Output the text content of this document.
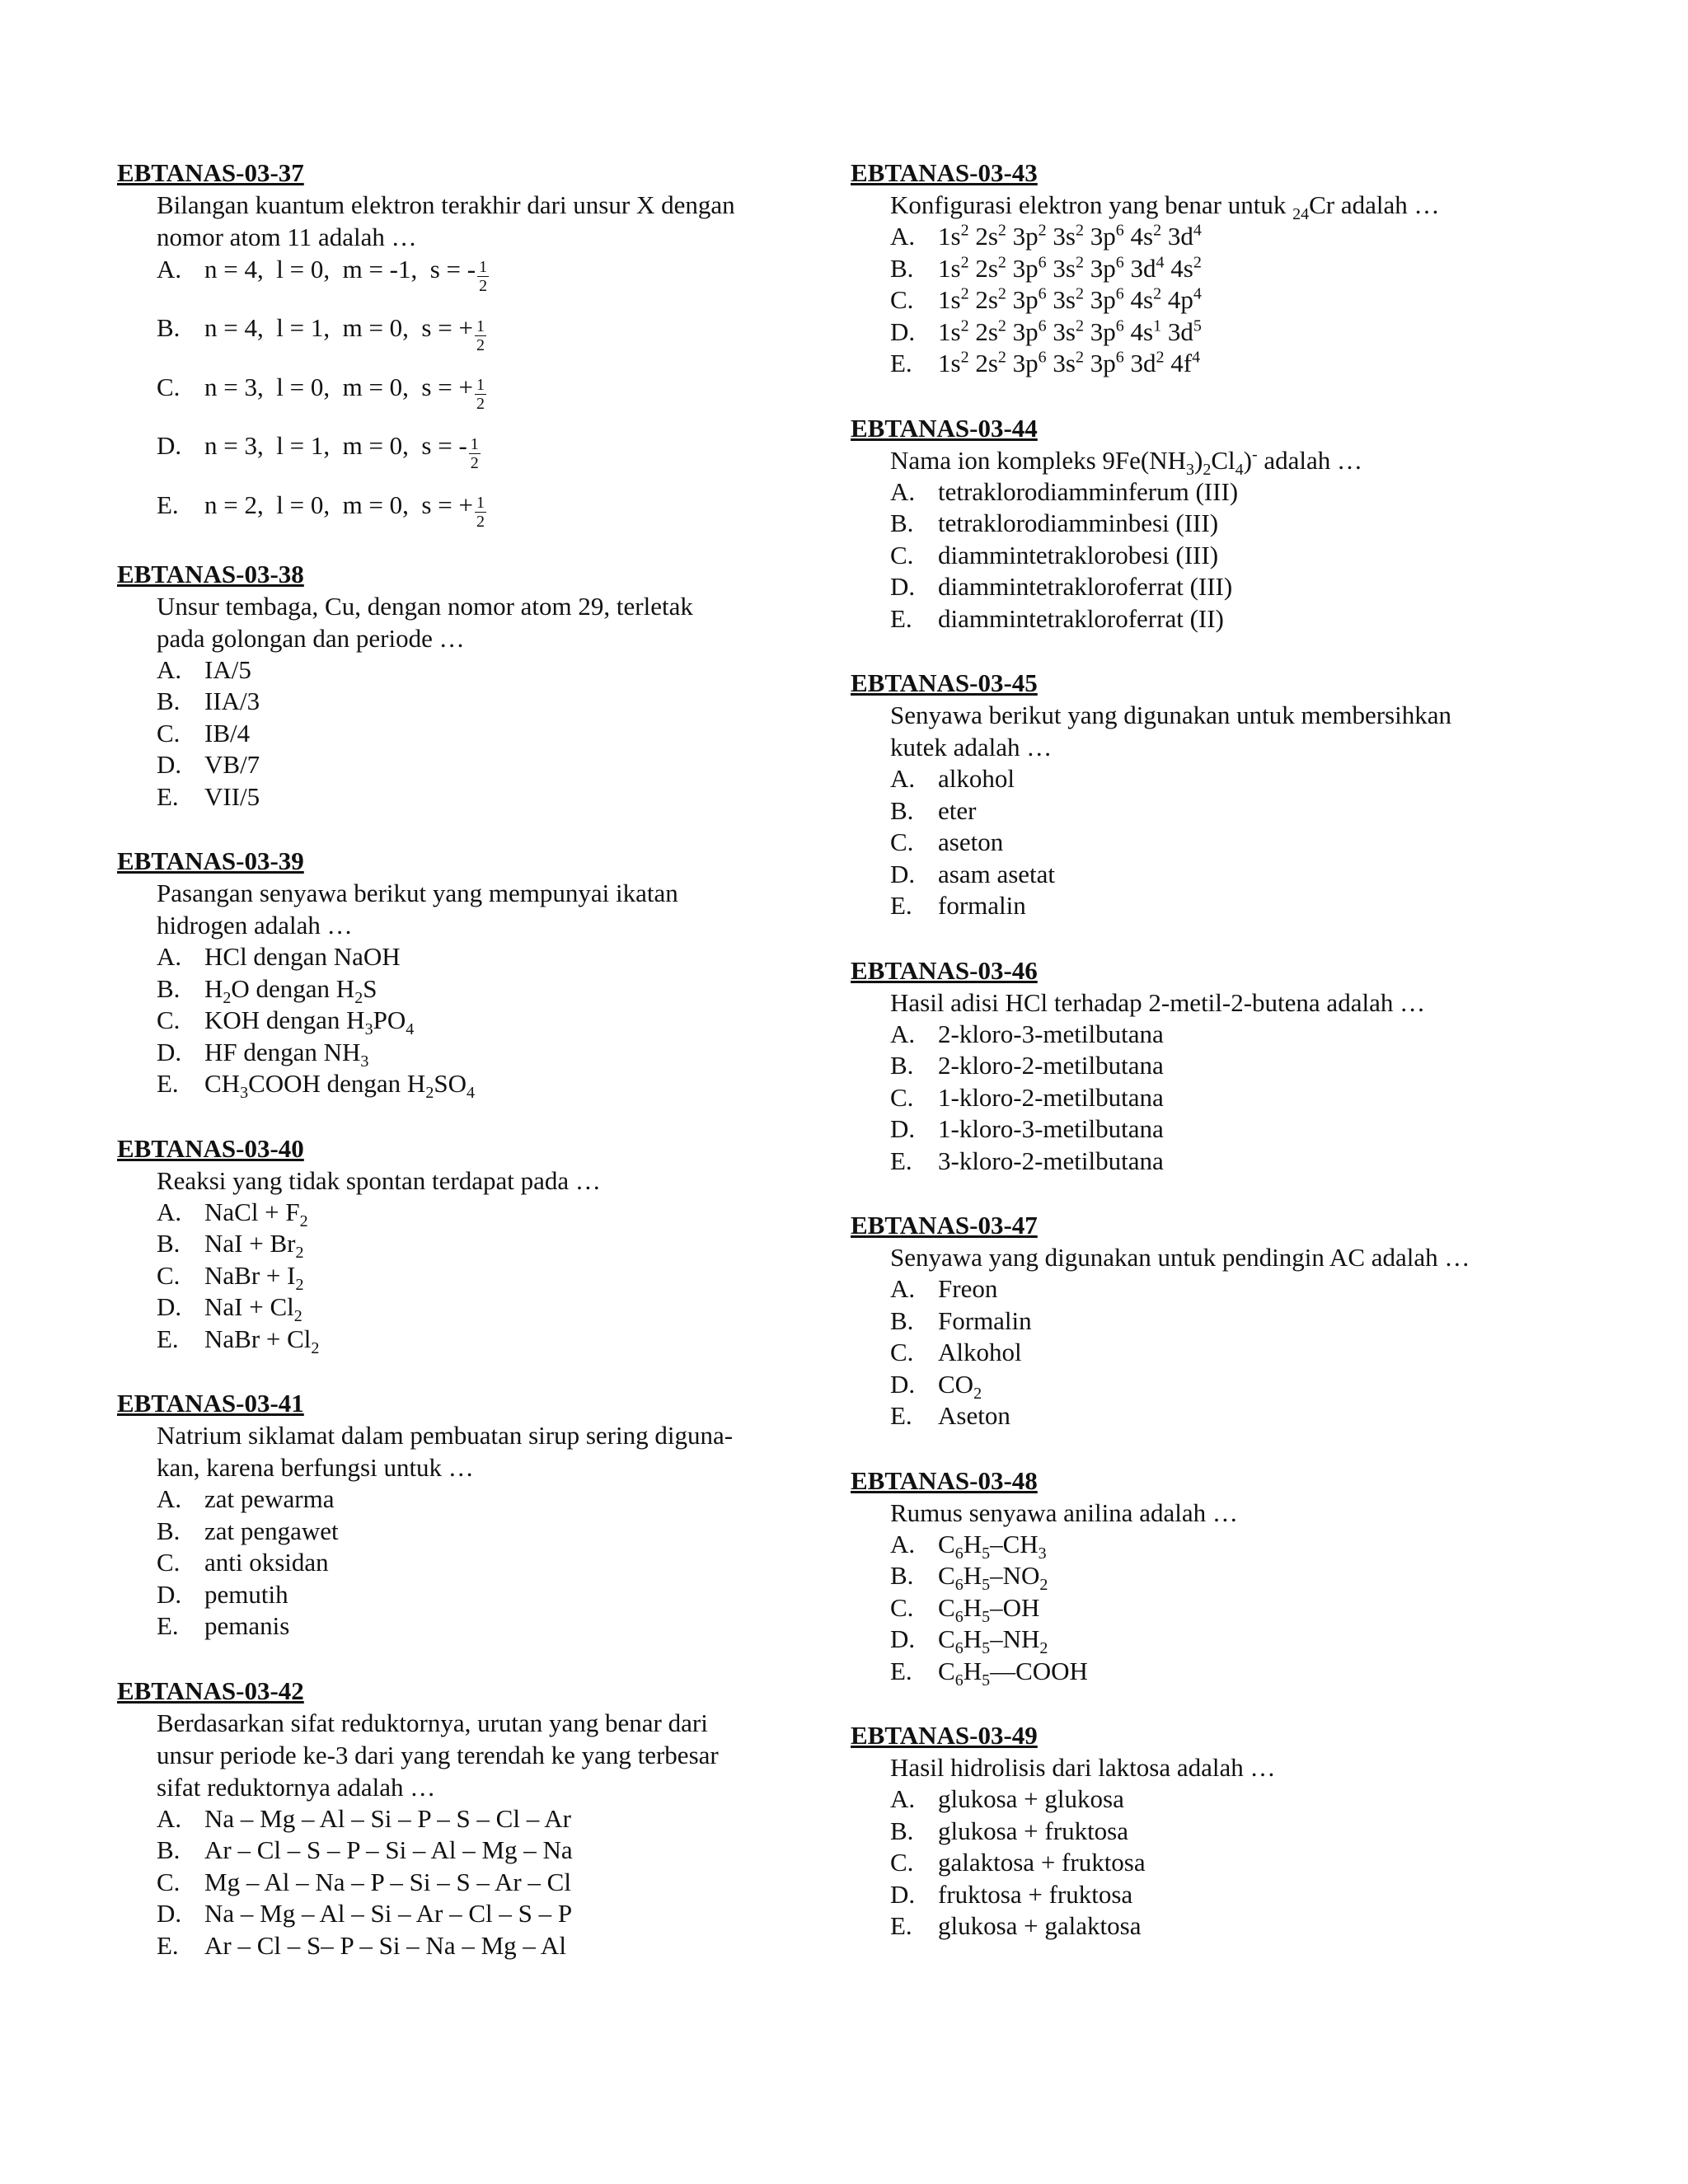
EBTANAS-03-37
Bilangan kuantum elektron terakhir dari unsur X dengan
nomor atom 11 adalah …
A. n = 4,  l = 0,  m = -1,  s = - $\frac{1}{2}$
B. n = 4,  l = 1,  m = 0,  s = + $\frac{1}{2}$
C. n = 3,  l = 0,  m = 0,  s = + $\frac{1}{2}$
D. n = 3,  l = 1,  m = 0,  s = - $\frac{1}{2}$
E.	n = 2,  l = 0,  m = 0,  s = + $\frac{1}{2}$
EBTANAS-03-38
Unsur tembaga, Cu, dengan nomor atom 29, terletak
pada golongan dan periode …
A. IA/5
B. IIA/3
C. IB/4
D. VB/7
E.	VII/5
EBTANAS-03-39
Pasangan senyawa berikut yang mempunyai ikatan
hidrogen adalah …
A. HCl dengan NaOH
B. $H_2O$ dengan $H_2S$
C. KOH dengan $H_3PO_4$
D. HF dengan $NH_3$
E.	$CH_3COOH$ dengan $H_2SO_4$
EBTANAS-03-40
Reaksi yang tidak spontan terdapat pada …
A. NaCl + $F_2$
B. NaI + $Br_2$
C. NaBr + $I_2$
D. NaI + $Cl_2$
E.	NaBr + $Cl_2$
EBTANAS-03-41
Natrium siklamat dalam pembuatan sirup sering diguna-
kan, karena berfungsi untuk …
A. zat pewarma
B. zat pengawet
C. anti oksidan
D. pemutih
E.	pemanis
EBTANAS-03-42
Berdasarkan sifat reduktornya, urutan yang benar dari
unsur periode ke-3 dari yang terendah ke yang terbesar
sifat reduktornya adalah …
A. Na – Mg – Al – Si – P – S – Cl – Ar
B. Ar – Cl – S – P – Si – Al – Mg – Na
C. Mg – Al – Na – P – Si – S – Ar – Cl
D. Na – Mg – Al – Si – Ar – Cl – S – P
E.	Ar – Cl – S– P – Si – Na – Mg – Al
EBTANAS-03-43
Konfigurasi elektron yang benar untuk $_{24}$Cr adalah …
A. $1s^2$ $2s^2$ $3p^2$ $3s^2$ $3p^6$ $4s^2$ $3d^4$
B. $1s^2$ $2s^2$ $3p^6$ $3s^2$ $3p^6$ $3d^4$ $4s^2$
C. $1s^2$ $2s^2$ $3p^6$ $3s^2$ $3p^6$ $4s^2$ $4p^4$
D. $1s^2$ $2s^2$ $3p^6$ $3s^2$ $3p^6$ $4s^1$ $3d^5$
E.	$1s^2$ $2s^2$ $3p^6$ $3s^2$ $3p^6$ $3d^2$ $4f^4$
EBTANAS-03-44
Nama ion kompleks $9Fe(NH_3)_2Cl_4)^-$ adalah …
A. tetraklorodiamminferum (III)
B. tetraklorodiamminbesi (III)
C. diammintetraklorobesi (III)
D. diammintetrakloroferrat (III)
E.	diammintetrakloroferrat (II)
EBTANAS-03-45
Senyawa berikut yang digunakan untuk membersihkan
kutek adalah …
A. alkohol
B. eter
C. aseton
D. asam asetat
E.	formalin
EBTANAS-03-46
Hasil adisi HCl terhadap 2-metil-2-butena adalah …
A. 2-kloro-3-metilbutana
B. 2-kloro-2-metilbutana
C. 1-kloro-2-metilbutana
D. 1-kloro-3-metilbutana
E.	3-kloro-2-metilbutana
EBTANAS-03-47
Senyawa yang digunakan untuk pendingin AC adalah …
A. Freon
B. Formalin
C. Alkohol
D. $CO_2$
E.	Aseton
EBTANAS-03-48
Rumus senyawa anilina adalah …
A. $C_6H_5-CH_3$
B. $C_6H_5-NO_2$
C. $C_6H_5-OH$
D. $C_6H_5-NH_2$
E.	$C_6H_5—COOH$
EBTANAS-03-49
Hasil hidrolisis dari laktosa adalah …
A. glukosa + glukosa
B. glukosa + fruktosa
C. galaktosa + fruktosa
D. fruktosa + fruktosa
E.	glukosa + galaktosa
